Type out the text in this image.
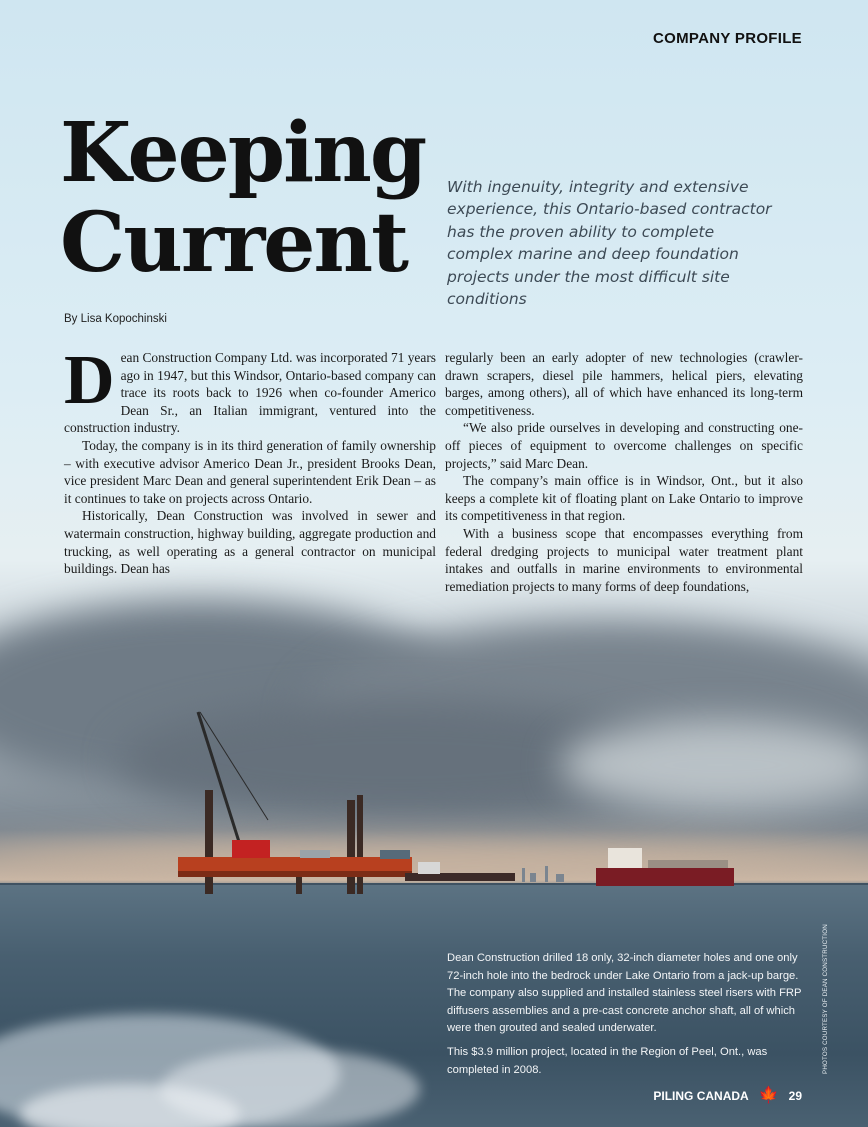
COMPANY PROFILE
Keeping
Current
With ingenuity, integrity and extensive experience, this Ontario-based contractor has the proven ability to complete complex marine and deep foundation projects under the most difficult site conditions
By Lisa Kopochinski

Dean Construction Company Ltd. was incorporated 71 years ago in 1947, but this Windsor, Ontario-based company can trace its roots back to 1926 when co-founder Americo Dean Sr., an Italian immigrant, ventured into the construction industry.

Today, the company is in its third generation of family ownership – with executive advisor Americo Dean Jr., president Brooks Dean, vice president Marc Dean and general superintendent Erik Dean – as it continues to take on projects across Ontario.

Historically, Dean Construction was involved in sewer and watermain construction, highway building, aggregate production and trucking, as well operating as a general contractor on municipal buildings. Dean has

regularly been an early adopter of new technologies (crawler-drawn scrapers, diesel pile hammers, helical piers, elevating barges, among others), all of which have enhanced its long-term competitiveness.

“We also pride ourselves in developing and constructing one-off pieces of equipment to overcome challenges on specific projects,” said Marc Dean.

The company’s main office is in Windsor, Ont., but it also keeps a complete kit of floating plant on Lake Ontario to improve its competitiveness in that region.

With a business scope that encompasses everything from federal dredging projects to municipal water treatment plant intakes and outfalls in marine environments to environmental remediation projects to many forms of deep foundations,

Dean Construction drilled 18 only, 32-inch diameter holes and one only 72-inch hole into the bedrock under Lake Ontario from a jack-up barge. The company also supplied and installed stainless steel risers with FRP diffusers assemblies and a pre-cast concrete anchor shaft, all of which were then grouted and sealed underwater.

This $3.9 million project, located in the Region of Peel, Ont., was completed in 2008.	PHOTOS COURTESY OF DEAN CONSTRUCTION
PILING CANADA 🍁 29
